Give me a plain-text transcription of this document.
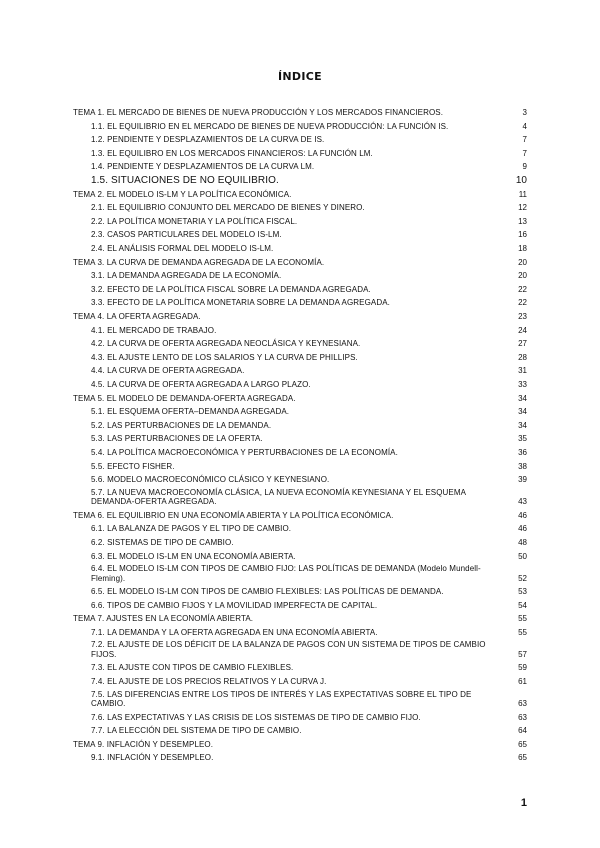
ÍNDICE
TEMA 1. EL MERCADO DE BIENES DE NUEVA PRODUCCIÓN Y LOS MERCADOS FINANCIEROS.	3
1.1. EL EQUILIBRIO EN EL MERCADO DE BIENES DE NUEVA PRODUCCIÓN: LA FUNCIÓN IS.	4
1.2. PENDIENTE Y DESPLAZAMIENTOS DE LA CURVA DE IS.	7
1.3. EL EQUILIBRO EN LOS MERCADOS FINANCIEROS: LA FUNCIÓN LM.	7
1.4. PENDIENTE Y DESPLAZAMIENTOS DE LA CURVA LM.	9
1.5. SITUACIONES DE NO EQUILIBRIO.	10
TEMA 2. EL MODELO IS-LM Y LA POLÍTICA ECONÓMICA.	11
2.1. EL EQUILIBRIO CONJUNTO DEL MERCADO DE BIENES Y DINERO.	12
2.2. LA POLÍTICA MONETARIA Y LA POLÍTICA FISCAL.	13
2.3. CASOS PARTICULARES DEL MODELO IS-LM.	16
2.4. EL ANÁLISIS FORMAL DEL MODELO IS-LM.	18
TEMA 3. LA CURVA DE DEMANDA AGREGADA DE LA ECONOMÍA.	20
3.1. LA DEMANDA AGREGADA DE LA ECONOMÍA.	20
3.2. EFECTO DE LA POLÍTICA FISCAL SOBRE LA DEMANDA AGREGADA.	22
3.3. EFECTO DE LA POLÍTICA MONETARIA SOBRE LA DEMANDA AGREGADA.	22
TEMA 4. LA OFERTA AGREGADA.	23
4.1. EL MERCADO DE TRABAJO.	24
4.2. LA CURVA DE OFERTA AGREGADA NEOCLÁSICA Y KEYNESIANA.	27
4.3. EL AJUSTE LENTO DE LOS SALARIOS Y LA CURVA DE PHILLIPS.	28
4.4. LA CURVA DE OFERTA AGREGADA.	31
4.5. LA CURVA DE OFERTA AGREGADA A LARGO PLAZO.	33
TEMA 5. EL MODELO DE DEMANDA-OFERTA AGREGADA.	34
5.1. EL ESQUEMA OFERTA–DEMANDA AGREGADA.	34
5.2. LAS PERTURBACIONES DE LA DEMANDA.	34
5.3. LAS PERTURBACIONES DE LA OFERTA.	35
5.4. LA POLÍTICA MACROECONÓMICA Y PERTURBACIONES DE LA ECONOMÍA.	36
5.5. EFECTO FISHER.	38
5.6. MODELO MACROECONÓMICO CLÁSICO Y KEYNESIANO.	39
5.7. LA NUEVA MACROECONOMÍA CLÁSICA, LA NUEVA ECONOMÍA KEYNESIANA Y EL ESQUEMA DEMANDA-OFERTA AGREGADA.	43
TEMA 6. EL EQUILIBRIO EN UNA ECONOMÍA ABIERTA Y LA POLÍTICA ECONÓMICA.	46
6.1. LA BALANZA DE PAGOS Y EL TIPO DE CAMBIO.	46
6.2. SISTEMAS DE TIPO DE CAMBIO.	48
6.3. EL MODELO IS-LM EN UNA ECONOMÍA ABIERTA.	50
6.4. EL MODELO IS-LM CON TIPOS DE CAMBIO FIJO: LAS POLÍTICAS DE DEMANDA (Modelo Mundell-Fleming).	52
6.5. EL MODELO IS-LM CON TIPOS DE CAMBIO FLEXIBLES: LAS POLÍTICAS DE DEMANDA.	53
6.6. TIPOS DE CAMBIO FIJOS Y LA MOVILIDAD IMPERFECTA DE CAPITAL.	54
TEMA 7. AJUSTES EN LA ECONOMÍA ABIERTA.	55
7.1. LA DEMANDA Y LA OFERTA AGREGADA EN UNA ECONOMÍA ABIERTA.	55
7.2. EL AJUSTE DE LOS DÉFICIT DE LA BALANZA DE PAGOS CON UN SISTEMA DE TIPOS DE CAMBIO FIJOS.	57
7.3. EL AJUSTE CON TIPOS DE CAMBIO FLEXIBLES.	59
7.4. EL AJUSTE DE LOS PRECIOS RELATIVOS Y LA CURVA J.	61
7.5. LAS DIFERENCIAS ENTRE LOS TIPOS DE INTERÉS Y LAS EXPECTATIVAS SOBRE EL TIPO DE CAMBIO.	63
7.6. LAS EXPECTATIVAS Y LAS CRISIS DE LOS SISTEMAS DE TIPO DE CAMBIO FIJO.	63
7.7. LA ELECCIÓN DEL SISTEMA DE TIPO DE CAMBIO.	64
TEMA 9. INFLACIÓN Y DESEMPLEO.	65
9.1. INFLACIÓN Y DESEMPLEO.	65
1
